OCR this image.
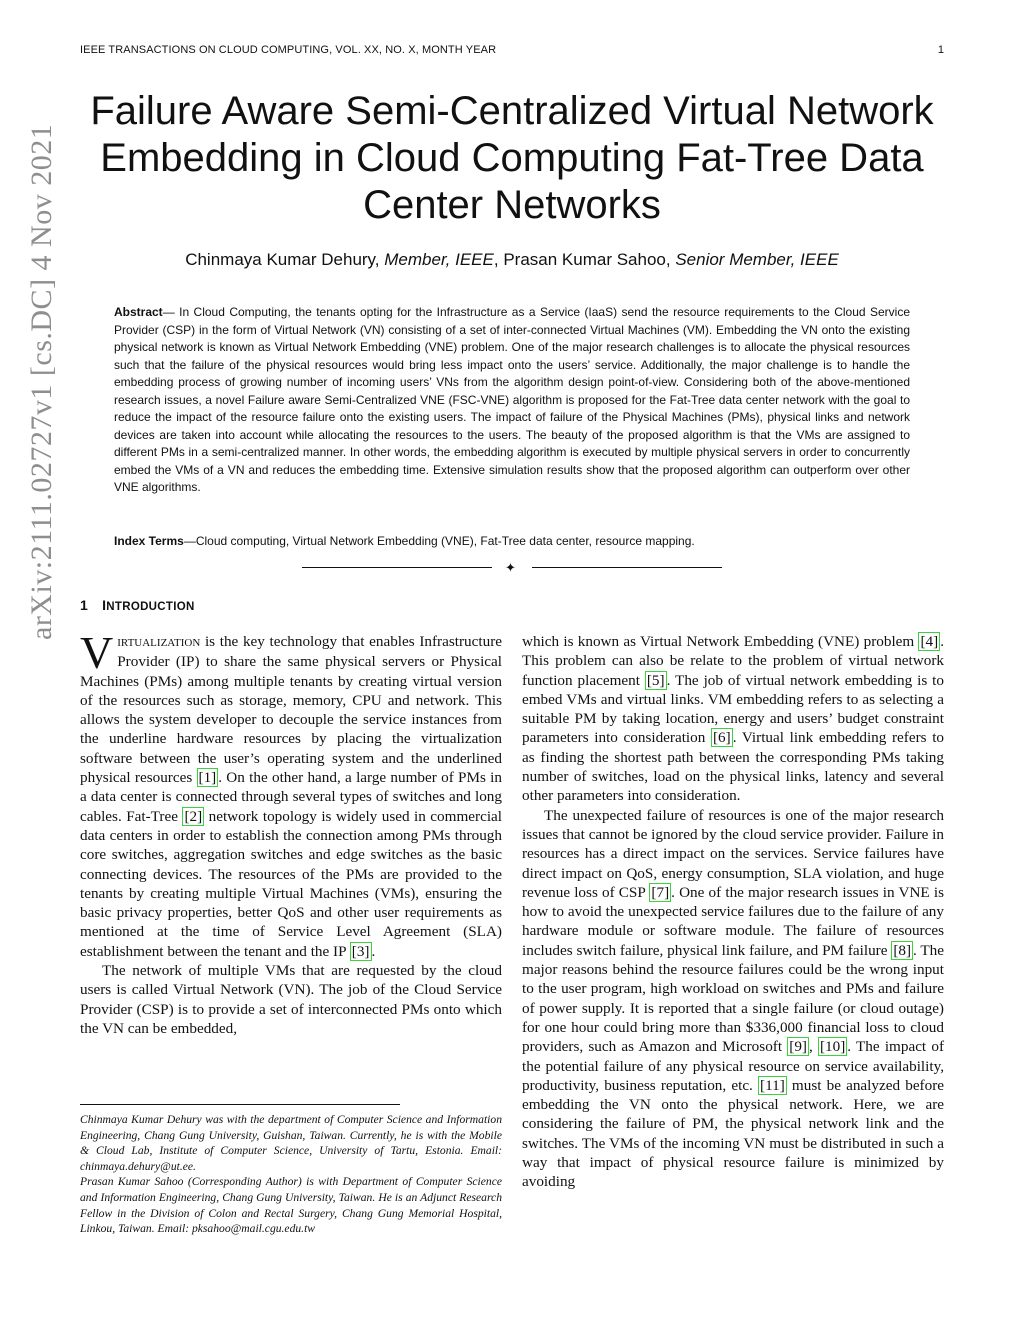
IEEE TRANSACTIONS ON CLOUD COMPUTING, VOL. XX, NO. X, MONTH YEAR	1
arXiv:2111.02727v1 [cs.DC] 4 Nov 2021
Failure Aware Semi-Centralized Virtual Network
Embedding in Cloud Computing Fat-Tree Data
Center Networks
Chinmaya Kumar Dehury, Member, IEEE, Prasan Kumar Sahoo, Senior Member, IEEE
Abstract— In Cloud Computing, the tenants opting for the Infrastructure as a Service (IaaS) send the resource requirements to the Cloud Service Provider (CSP) in the form of Virtual Network (VN) consisting of a set of inter-connected Virtual Machines (VM). Embedding the VN onto the existing physical network is known as Virtual Network Embedding (VNE) problem. One of the major research challenges is to allocate the physical resources such that the failure of the physical resources would bring less impact onto the users’ service. Additionally, the major challenge is to handle the embedding process of growing number of incoming users’ VNs from the algorithm design point-of-view. Considering both of the above-mentioned research issues, a novel Failure aware Semi-Centralized VNE (FSC-VNE) algorithm is proposed for the Fat-Tree data center network with the goal to reduce the impact of the resource failure onto the existing users. The impact of failure of the Physical Machines (PMs), physical links and network devices are taken into account while allocating the resources to the users. The beauty of the proposed algorithm is that the VMs are assigned to different PMs in a semi-centralized manner. In other words, the embedding algorithm is executed by multiple physical servers in order to concurrently embed the VMs of a VN and reduces the embedding time. Extensive simulation results show that the proposed algorithm can outperform over other VNE algorithms.
Index Terms—Cloud computing, Virtual Network Embedding (VNE), Fat-Tree data center, resource mapping.
✦
1 INTRODUCTION

Virtualization is the key technology that enables Infrastructure Provider (IP) to share the same physical servers or Physical Machines (PMs) among multiple tenants by creating virtual version of the resources such as storage, memory, CPU and network. This allows the system developer to decouple the service instances from the underline hardware resources by placing the virtualization software between the user’s operating system and the underlined physical resources [1] . On the other hand, a large number of PMs in a data center is connected through several types of switches and long cables. Fat-Tree [2] network topology is widely used in commercial data centers in order to establish the connection among PMs through core switches, aggregation switches and edge switches as the basic connecting devices. The resources of the PMs are provided to the tenants by creating multiple Virtual Machines (VMs), ensuring the basic privacy properties, better QoS and other user requirements as mentioned at the time of Service Level Agreement (SLA) establishment between the tenant and the IP [3] .

The network of multiple VMs that are requested by the cloud users is called Virtual Network (VN). The job of the Cloud Service Provider (CSP) is to provide a set of interconnected PMs onto which the VN can be embedded,

Chinmaya Kumar Dehury was with the department of Computer Science and Information Engineering, Chang Gung University, Guishan, Taiwan. Currently, he is with the Mobile & Cloud Lab, Institute of Computer Science, University of Tartu, Estonia. Email: chinmaya.dehury@ut.ee.

Prasan Kumar Sahoo (Corresponding Author) is with Department of Computer Science and Information Engineering, Chang Gung University, Taiwan. He is an Adjunct Research Fellow in the Division of Colon and Rectal Surgery, Chang Gung Memorial Hospital, Linkou, Taiwan. Email: pksahoo@mail.cgu.edu.tw

which is known as Virtual Network Embedding (VNE) problem [4] . This problem can also be relate to the problem of virtual network function placement [5] . The job of virtual network embedding is to embed VMs and virtual links. VM embedding refers to as selecting a suitable PM by taking location, energy and users’ budget constraint parameters into consideration [6] . Virtual link embedding refers to as finding the shortest path between the corresponding PMs taking number of switches, load on the physical links, latency and several other parameters into consideration.

The unexpected failure of resources is one of the major research issues that cannot be ignored by the cloud service provider. Failure in resources has a direct impact on the services. Service failures have direct impact on QoS, energy consumption, SLA violation, and huge revenue loss of CSP [7] . One of the major research issues in VNE is how to avoid the unexpected service failures due to the failure of any hardware module or software module. The failure of resources includes switch failure, physical link failure, and PM failure [8] . The major reasons behind the resource failures could be the wrong input to the user program, high workload on switches and PMs and failure of power supply. It is reported that a single failure (or cloud outage) for one hour could bring more than $336,000 financial loss to cloud providers, such as Amazon and Microsoft [9] , [10] . The impact of the potential failure of any physical resource on service availability, productivity, business reputation, etc. [11] must be analyzed before embedding the VN onto the physical network. Here, we are considering the failure of PM, the physical network link and the switches. The VMs of the incoming VN must be distributed in such a way that impact of physical resource failure is minimized by avoiding
